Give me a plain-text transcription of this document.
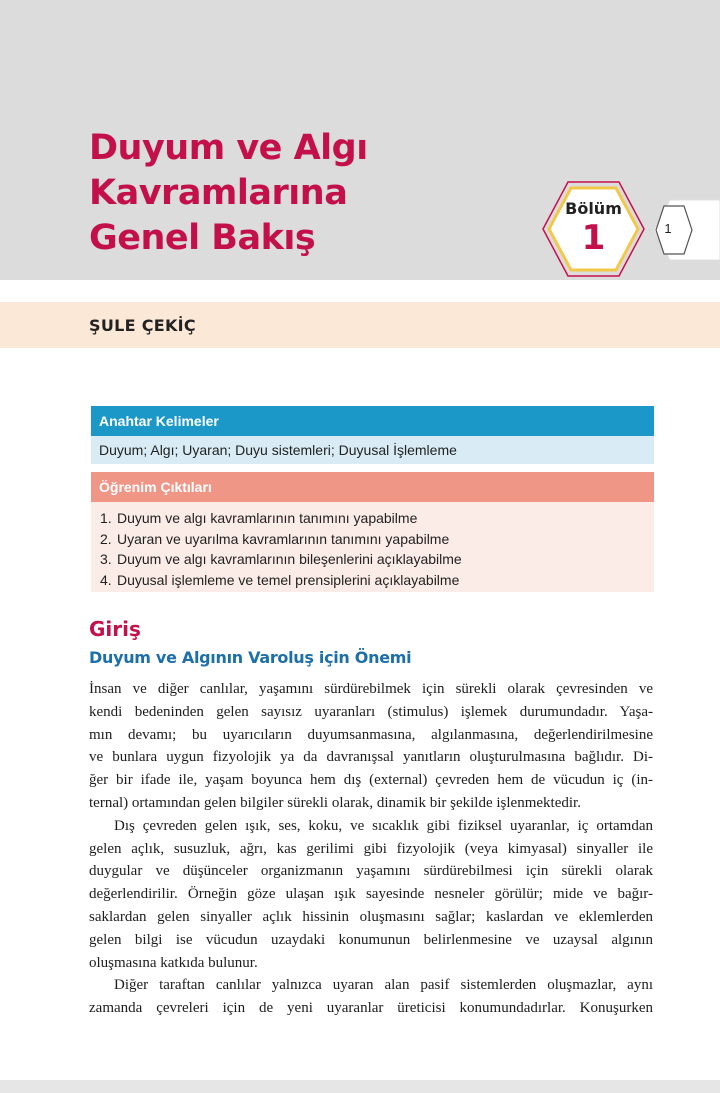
Duyum ve Algı
Kavramlarına
Genel Bakış
Bölüm
1	1
ŞULE ÇEKİÇ
Anahtar Kelimeler
Duyum; Algı; Uyaran; Duyu sistemleri; Duyusal İşlemleme
Öğrenim Çıktıları
1. Duyum ve algı kavramlarının tanımını yapabilme
2. Uyaran ve uyarılma kavramlarının tanımını yapabilme
3. Duyum ve algı kavramlarının bileşenlerini açıklayabilme
4. Duyusal işlemleme ve temel prensiplerini açıklayabilme
Giriş
Duyum ve Algının Varoluş için Önemi

İnsan ve diğer canlılar, yaşamını sürdürebilmek için sürekli olarak çevresinden ve
kendi bedeninden gelen sayısız uyaranları (stimulus) işlemek durumundadır. Yaşa-
mın devamı; bu uyarıcıların duyumsanmasına, algılanmasına, değerlendirilmesine
ve bunlara uygun fizyolojik ya da davranışsal yanıtların oluşturulmasına bağlıdır. Di-
ğer bir ifade ile, yaşam boyunca hem dış (external) çevreden hem de vücudun iç (in-
ternal) ortamından gelen bilgiler sürekli olarak, dinamik bir şekilde işlenmektedir.

Dış çevreden gelen ışık, ses, koku, ve sıcaklık gibi fiziksel uyaranlar, iç ortamdan
gelen açlık, susuzluk, ağrı, kas gerilimi gibi fizyolojik (veya kimyasal) sinyaller ile
duygular ve düşünceler organizmanın yaşamını sürdürebilmesi için sürekli olarak
değerlendirilir. Örneğin göze ulaşan ışık sayesinde nesneler görülür; mide ve bağır-
saklardan gelen sinyaller açlık hissinin oluşmasını sağlar; kaslardan ve eklemlerden
gelen bilgi ise vücudun uzaydaki konumunun belirlenmesine ve uzaysal algının
oluşmasına katkıda bulunur.

Diğer taraftan canlılar yalnızca uyaran alan pasif sistemlerden oluşmazlar, aynı
zamanda çevreleri için de yeni uyaranlar üreticisi konumundadırlar. Konuşurken
